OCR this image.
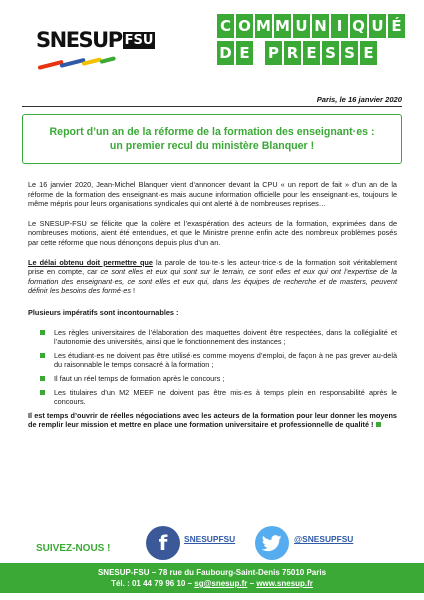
SNESUP FSU
C O M M U N I Q U É
D E P R E S S E
Paris, le 16 janvier 2020
Report d’un an de la réforme de la formation des enseignant·es :
un premier recul du ministère Blanquer !

Le 16 janvier 2020, Jean-Michel Blanquer vient d’annoncer devant la CPU « un report de fait » d’un an de la réforme de la formation des enseignant·es mais aucune information officielle pour les enseignant·es, toujours le même mépris pour leurs organisations syndicales qui ont alerté à de nombreuses reprises…

Le SNESUP-FSU se félicite que la colère et l’exaspération des acteurs de la formation, exprimées dans de nombreuses motions, aient été entendues, et que le Ministre prenne enfin acte des nombreux problèmes posés par cette réforme que nous dénonçons depuis plus d’un an.

Le délai obtenu doit permettre que la parole de tou·te·s les acteur·trice·s de la formation soit véritablement prise en compte, car ce sont elles et eux qui sont sur le terrain, ce sont elles et eux qui ont l’expertise de la formation des enseignant·es, ce sont elles et eux qui, dans les équipes de recherche et de masters, peuvent définir les besoins des formé·es !

Plusieurs impératifs sont incontournables :

Les règles universitaires de l’élaboration des maquettes doivent être respectées, dans la collégialité et l’autonomie des universités, ainsi que le fonctionnement des instances ;
Les étudiant·es ne doivent pas être utilisé·es comme moyens d’emploi, de façon à ne pas grever au-delà du raisonnable le temps consacré à la formation ;
Il faut un réel temps de formation après le concours ;
Les titulaires d’un M2 MEEF ne doivent pas être mis·es à temps plein en responsabilité après le concours.

Il est temps d’ouvrir de réelles négociations avec les acteurs de la formation pour leur donner les moyens de remplir leur mission et mettre en place une formation universitaire et professionnelle de qualité !

SUIVEZ-NOUS !	f	SNESUPFSU	@SNESUPFSU
SNESUP-FSU – 78 rue du Faubourg-Saint-Denis 75010 Paris
Tél. : 01 44 79 96 10 – sg@snesup.fr – www.snesup.fr
